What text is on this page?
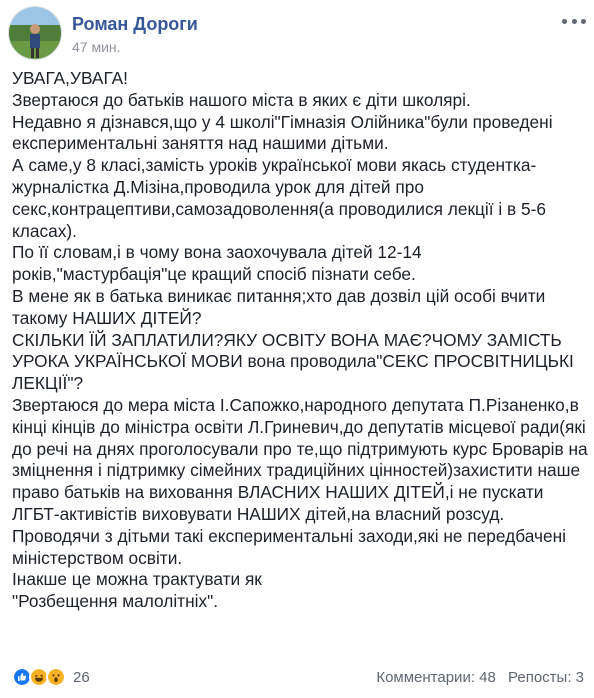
Роман Дороги
47 мин.
УВАГА,УВАГА!
Звертаюся до батьків нашого міста в яких є діти школярі.
Недавно я дізнався,що у 4 школі"Гімназія Олійника"були проведені
експериментальні заняття над нашими дітьми.
А саме,у 8 класі,замість уроків української мови якась студентка-
журналістка Д.Мізіна,проводила урок для дітей про
секс,контрацептиви,самозадоволення(а проводилися лекції і в 5-6
класах).
По її словам,і в чому вона заохочувала дітей 12-14
років,"мастурбація"це кращий спосіб пізнати себе.
В мене як в батька виникає питання;хто дав дозвіл цій особі вчити
такому НАШИХ ДІТЕЙ?
СКІЛЬКИ ЇЙ ЗАПЛАТИЛИ?ЯКУ ОСВІТУ ВОНА МАЄ?ЧОМУ ЗАМІСТЬ
УРОКА УКРАЇНСЬКОЇ МОВИ вона проводила"СЕКС ПРОСВІТНИЦЬКІ
ЛЕКЦІЇ"?
Звертаюся до мера міста І.Сапожко,народного депутата П.Різаненко,в
кінці кінців до міністра освіти Л.Гриневич,до депутатів місцевої ради(які
до речі на днях проголосували про те,що підтримують курс Броварів на
зміцнення і підтримку сімейних традиційних цінностей)захистити наше
право батьків на виховання ВЛАСНИХ НАШИХ ДІТЕЙ,і не пускати
ЛГБТ-активістів виховувати НАШИХ дітей,на власний розсуд.
Проводячи з дітьми такі експериментальні заходи,які не передбачені
міністерством освіти.
Інакше це можна трактувати як
"Розбещення малолітніх".
26	Комментарии: 48 Репосты: 3
